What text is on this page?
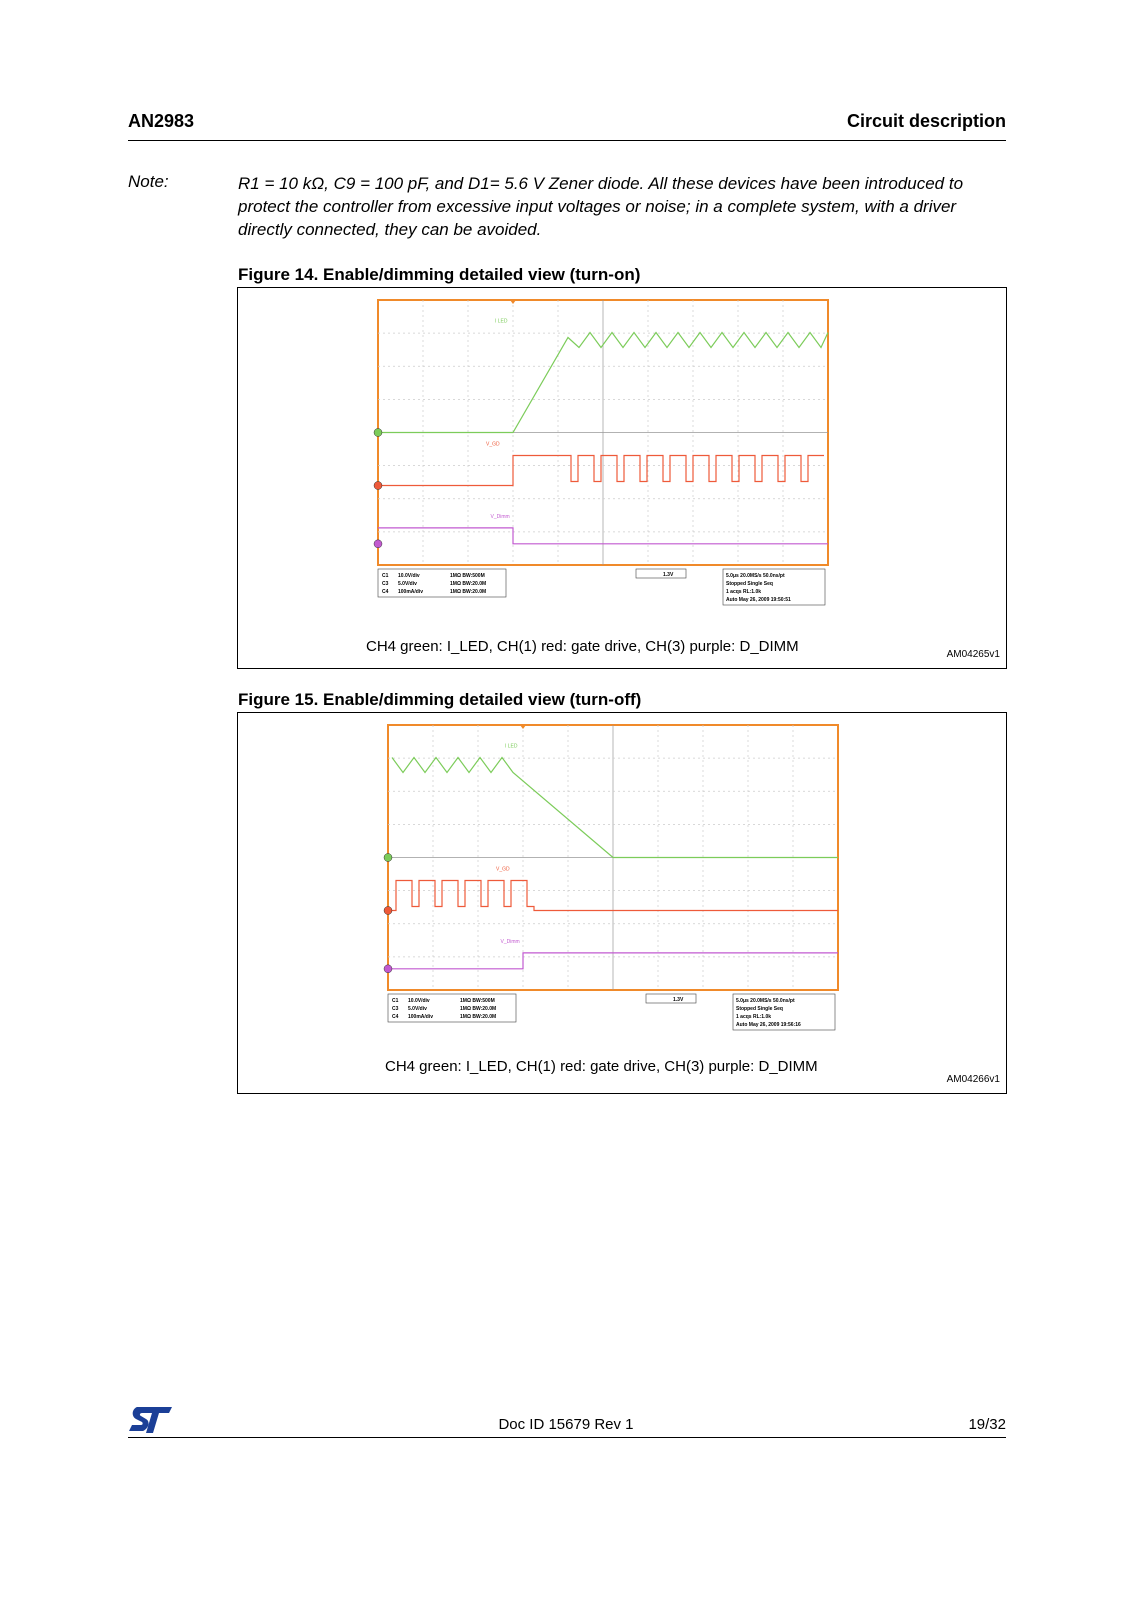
AN2983	Circuit description
Note:	R1 = 10 kΩ, C9 = 100 pF, and D1= 5.6 V Zener diode. All these devices have been introduced to protect the controller from excessive input voltages or noise; in a complete system, with a driver directly connected, they can be avoided.
Figure 14. Enable/dimming detailed view (turn-on)
I LED
V_GD
V_Dimm
C1 10.0V/div	1MΩ BW:500M
C3 5.0V/div	1MΩ BW:20.0M
C4 100mA/div	1MΩ BW:20.0M
1.3V	5.0μs 20.0MS/s 50.0ns/pt
Stopped Single Seq
1 acqs RL:1.0k
Auto May 26, 2009 19:50:51
CH4 green: I_LED, CH(1) red: gate drive, CH(3) purple: D_DIMM	AM04265v1
Figure 15. Enable/dimming detailed view (turn-off)
I LED
V_GD
V_Dimm
C1 10.0V/div	1MΩ BW:500M
C3 5.0V/div	1MΩ BW:20.0M
C4 100mA/div	1MΩ BW:20.0M
1.3V	5.0μs 20.0MS/s 50.0ns/pt
Stopped Single Seq
1 acqs RL:1.0k
Auto May 26, 2009 19:56:16
CH4 green: I_LED, CH(1) red: gate drive, CH(3) purple: D_DIMM
AM04266v1
Doc ID 15679 Rev 1	19/32
